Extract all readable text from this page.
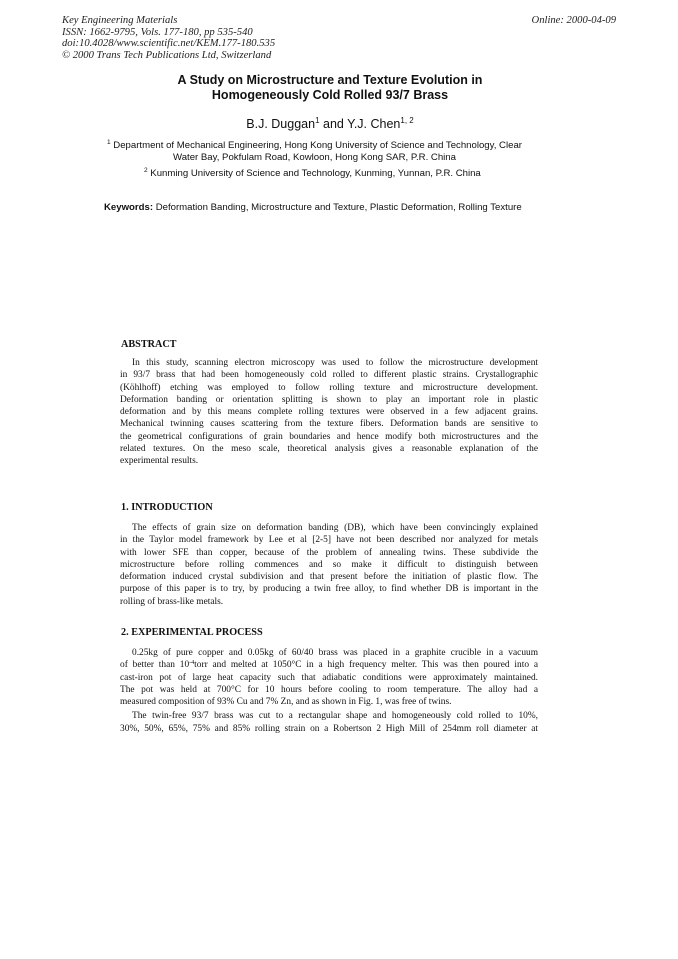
Key Engineering Materials
ISSN: 1662-9795, Vols. 177-180, pp 535-540
doi:10.4028/www.scientific.net/KEM.177-180.535
© 2000 Trans Tech Publications Ltd, Switzerland
Online: 2000-04-09
A Study on Microstructure and Texture Evolution in
Homogeneously Cold Rolled 93/7 Brass
B.J. Duggan$^1$ and Y.J. Chen$^{1, 2}$
$^1$ Department of Mechanical Engineering, Hong Kong University of Science and Technology, Clear
Water Bay, Pokfulam Road, Kowloon, Hong Kong SAR, P.R. China
$^2$ Kunming University of Science and Technology, Kunming, Yunnan, P.R. China
Keywords: Deformation Banding, Microstructure and Texture, Plastic Deformation, Rolling Texture
ABSTRACT
In this study, scanning electron microscopy was used to follow the microstructure development
in 93/7 brass that had been homogeneously cold rolled to different plastic strains. Crystallographic
(Köhlhoff) etching was employed to follow rolling texture and microstructure development.
Deformation banding or orientation splitting is shown to play an important role in plastic
deformation and by this means complete rolling textures were observed in a few adjacent grains.
Mechanical twinning causes scattering from the texture fibers. Deformation bands are sensitive to
the geometrical configurations of grain boundaries and hence modify both microstructures and the
related textures. On the meso scale, theoretical analysis gives a reasonable explanation of the
experimental results.
1. INTRODUCTION
The effects of grain size on deformation banding (DB), which have been convincingly explained
in the Taylor model framework by Lee et al [2-5] have not been described nor analyzed for metals
with lower SFE than copper, because of the problem of annealing twins. These subdivide the
microstructure before rolling commences and so make it difficult to distinguish between
deformation induced crystal subdivision and that present before the initiation of plastic flow. The
purpose of this paper is to try, by producing a twin free alloy, to find whether DB is important in the
rolling of brass-like metals.
2. EXPERIMENTAL PROCESS
0.25kg of pure copper and 0.05kg of 60/40 brass was placed in a graphite crucible in a vacuum
of better than $10^{-4}torr$ and melted at 1050°C in a high frequency melter. This was then poured into a
cast-iron pot of large heat capacity such that adiabatic conditions were approximately maintained.
The pot was held at 700°C for 10 hours before cooling to room temperature. The alloy had a
measured composition of 93% Cu and 7% Zn, and as shown in Fig. 1, was free of twins.
The twin-free 93/7 brass was cut to a rectangular shape and homogeneously cold rolled to 10%,
30%, 50%, 65%, 75% and 85% rolling strain on a Robertson 2 High Mill of 254mm roll diameter at
